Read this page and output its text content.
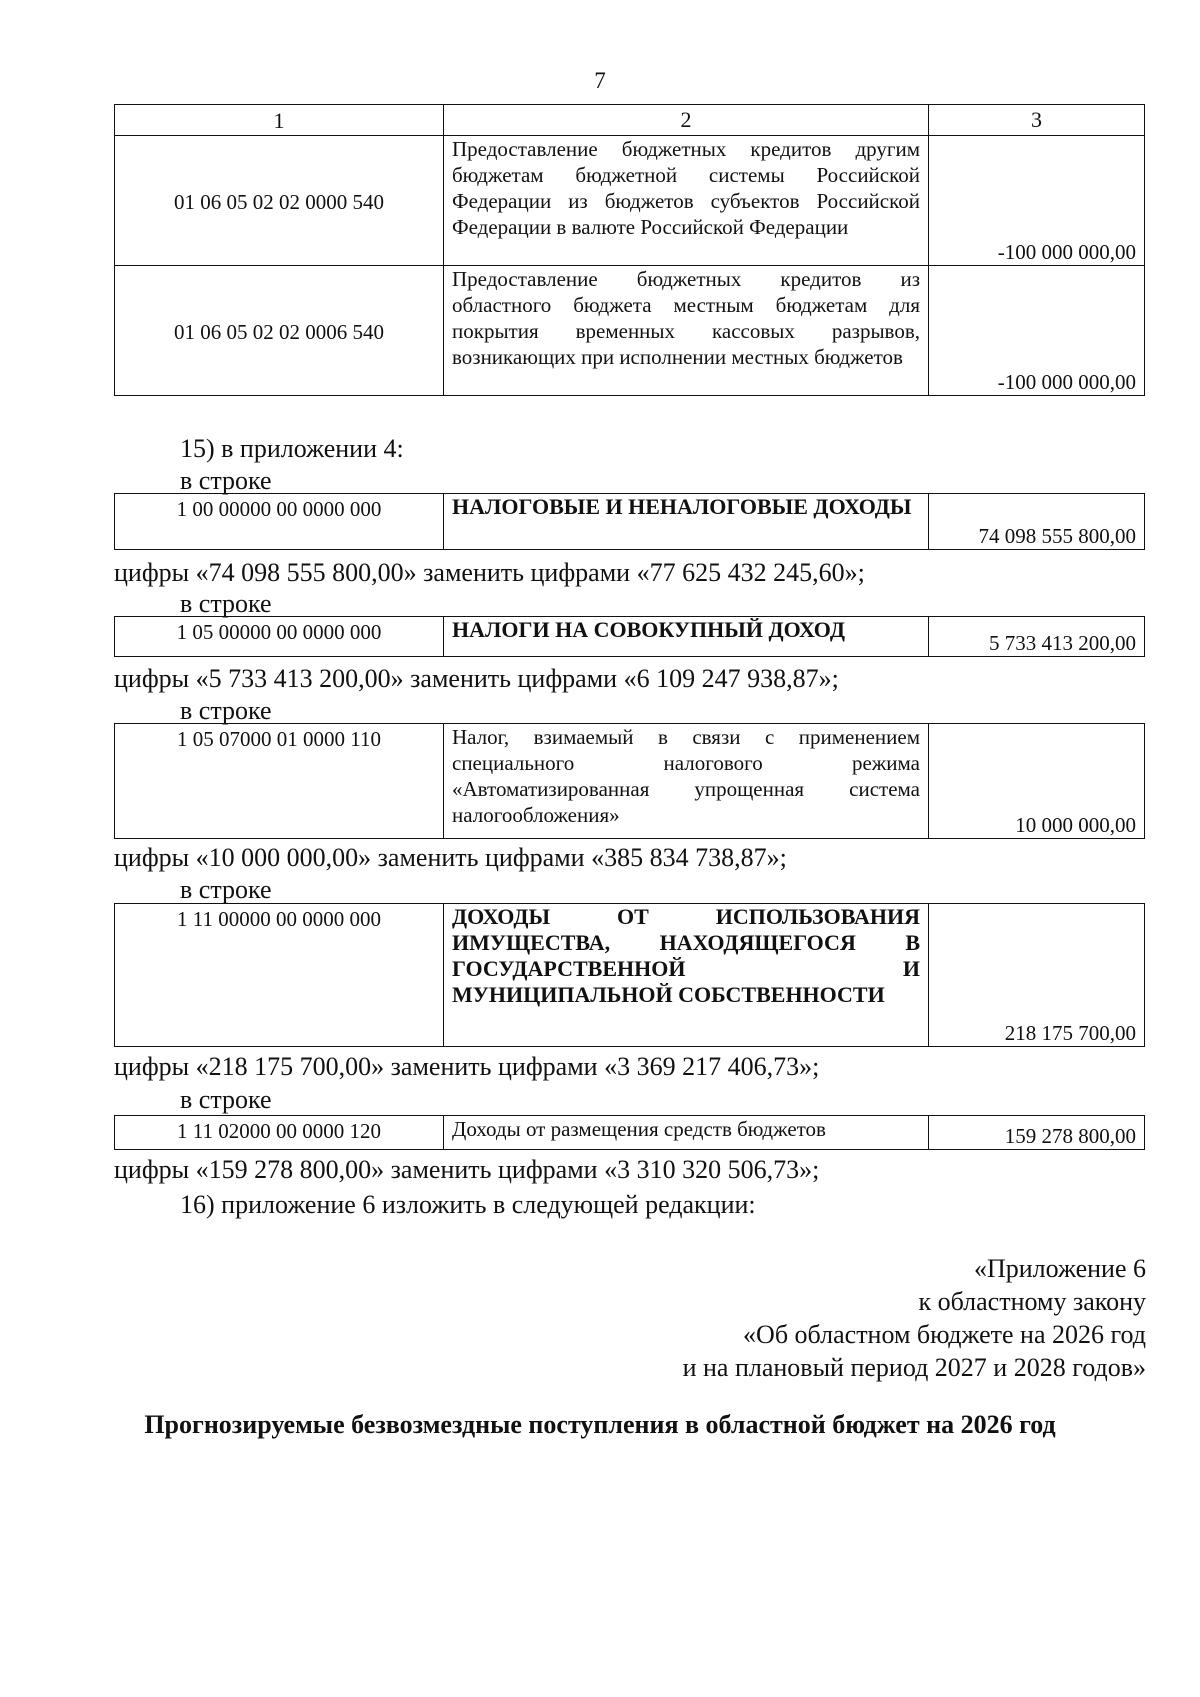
7
1	2	3
01 06 05 02 02 0000 540	Предоставление бюджетных кредитов другим бюджетам бюджетной системы Российской Федерации из бюджетов субъектов Российской Федерации в валюте Российской Федерации	-100 000 000,00
01 06 05 02 02 0006 540	Предоставление бюджетных кредитов из областного бюджета местным бюджетам для покрытия временных кассовых разрывов, возникающих при исполнении местных бюджетов	-100 000 000,00
15) в приложении 4:
в строке
1 00 00000 00 0000 000	НАЛОГОВЫЕ И НЕНАЛОГОВЫЕ ДОХОДЫ	74 098 555 800,00
цифры «74 098 555 800,00» заменить цифрами «77 625 432 245,60»;
в строке
1 05 00000 00 0000 000	НАЛОГИ НА СОВОКУПНЫЙ ДОХОД	5 733 413 200,00
цифры «5 733 413 200,00» заменить цифрами «6 109 247 938,87»;
в строке
1 05 07000 01 0000 110	Налог, взимаемый в связи с применением специального налогового режима «Автоматизированная упрощенная система налогообложения»	10 000 000,00
цифры «10 000 000,00» заменить цифрами «385 834 738,87»;
в строке
1 11 00000 00 0000 000	ДОХОДЫ ОТ ИСПОЛЬЗОВАНИЯ ИМУЩЕСТВА, НАХОДЯЩЕГОСЯ В ГОСУДАРСТВЕННОЙ И МУНИЦИПАЛЬНОЙ СОБСТВЕННОСТИ	218 175 700,00
цифры «218 175 700,00» заменить цифрами «3 369 217 406,73»;
в строке
1 11 02000 00 0000 120	Доходы от размещения средств бюджетов	159 278 800,00
цифры «159 278 800,00» заменить цифрами «3 310 320 506,73»;
16) приложение 6 изложить в следующей редакции:
«Приложение 6
к областному закону
«Об областном бюджете на 2026 год
и на плановый период 2027 и 2028 годов»
Прогнозируемые безвозмездные поступления в областной бюджет на 2026 год
